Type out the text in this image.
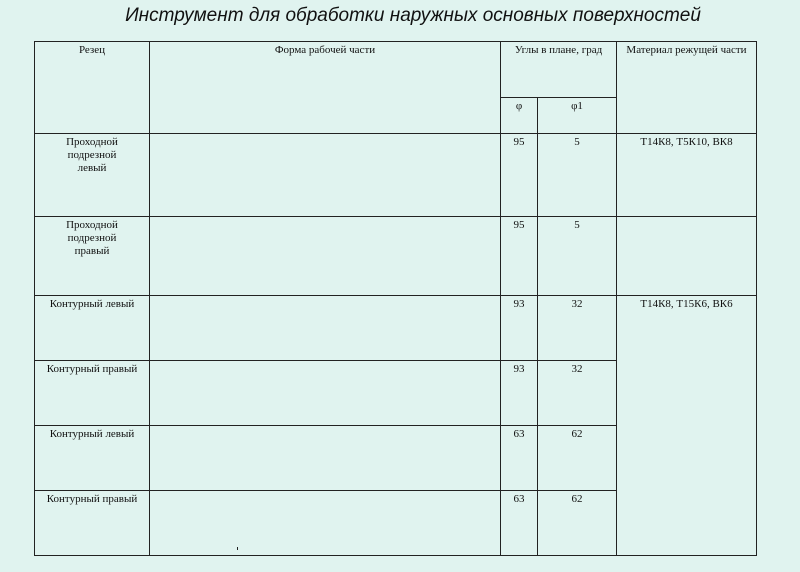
Инструмент для обработки наружных основных поверхностей
Резец	Форма рабочей части	Углы в плане, град		Материал режущей части
		φ	φ1	
Проходной
подрезной
левый		95	5	Т14К8, Т5К10, ВК8
Проходной
подрезной
правый		95	5	
Контурный левый		93	32	Т14К8, Т15К6, ВК6
Контурный правый		93	32	
Контурный левый		63	62	
Контурный правый		63	62	
